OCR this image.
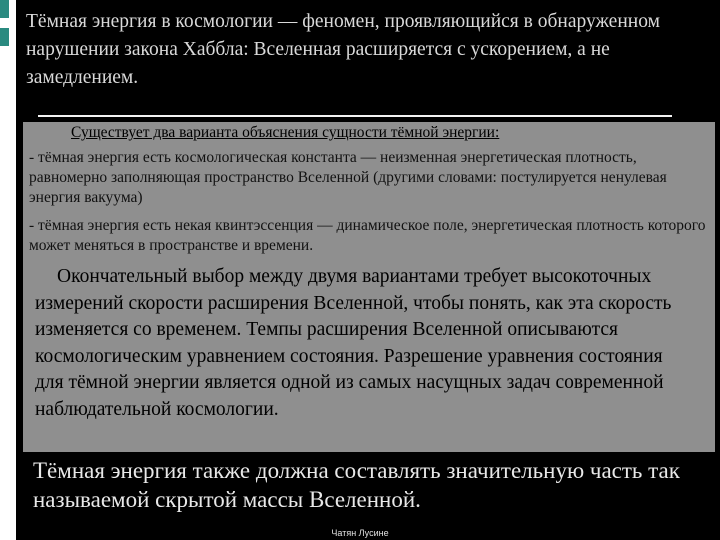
Тёмная энергия в космологии — феномен, проявляющийся в обнаруженном нарушении закона Хаббла: Вселенная расширяется с ускорением, а не замедлением.
Существует два варианта объяснения сущности тёмной энергии:
- тёмная энергия есть космологическая константа — неизменная энергетическая плотность, равномерно заполняющая пространство Вселенной (другими словами: постулируется ненулевая энергия вакуума)
- тёмная энергия есть некая квинтэссенция — динамическое поле, энергетическая плотность которого может меняться в пространстве и времени.
Окончательный выбор между двумя вариантами требует высокоточных измерений скорости расширения Вселенной, чтобы понять, как эта скорость изменяется со временем. Темпы расширения Вселенной описываются космологическим уравнением состояния. Разрешение уравнения состояния для тёмной энергии является одной из самых насущных задач современной наблюдательной космологии.
Тёмная энергия также должна составлять значительную часть так называемой скрытой массы Вселенной.
Чатян Лусине
